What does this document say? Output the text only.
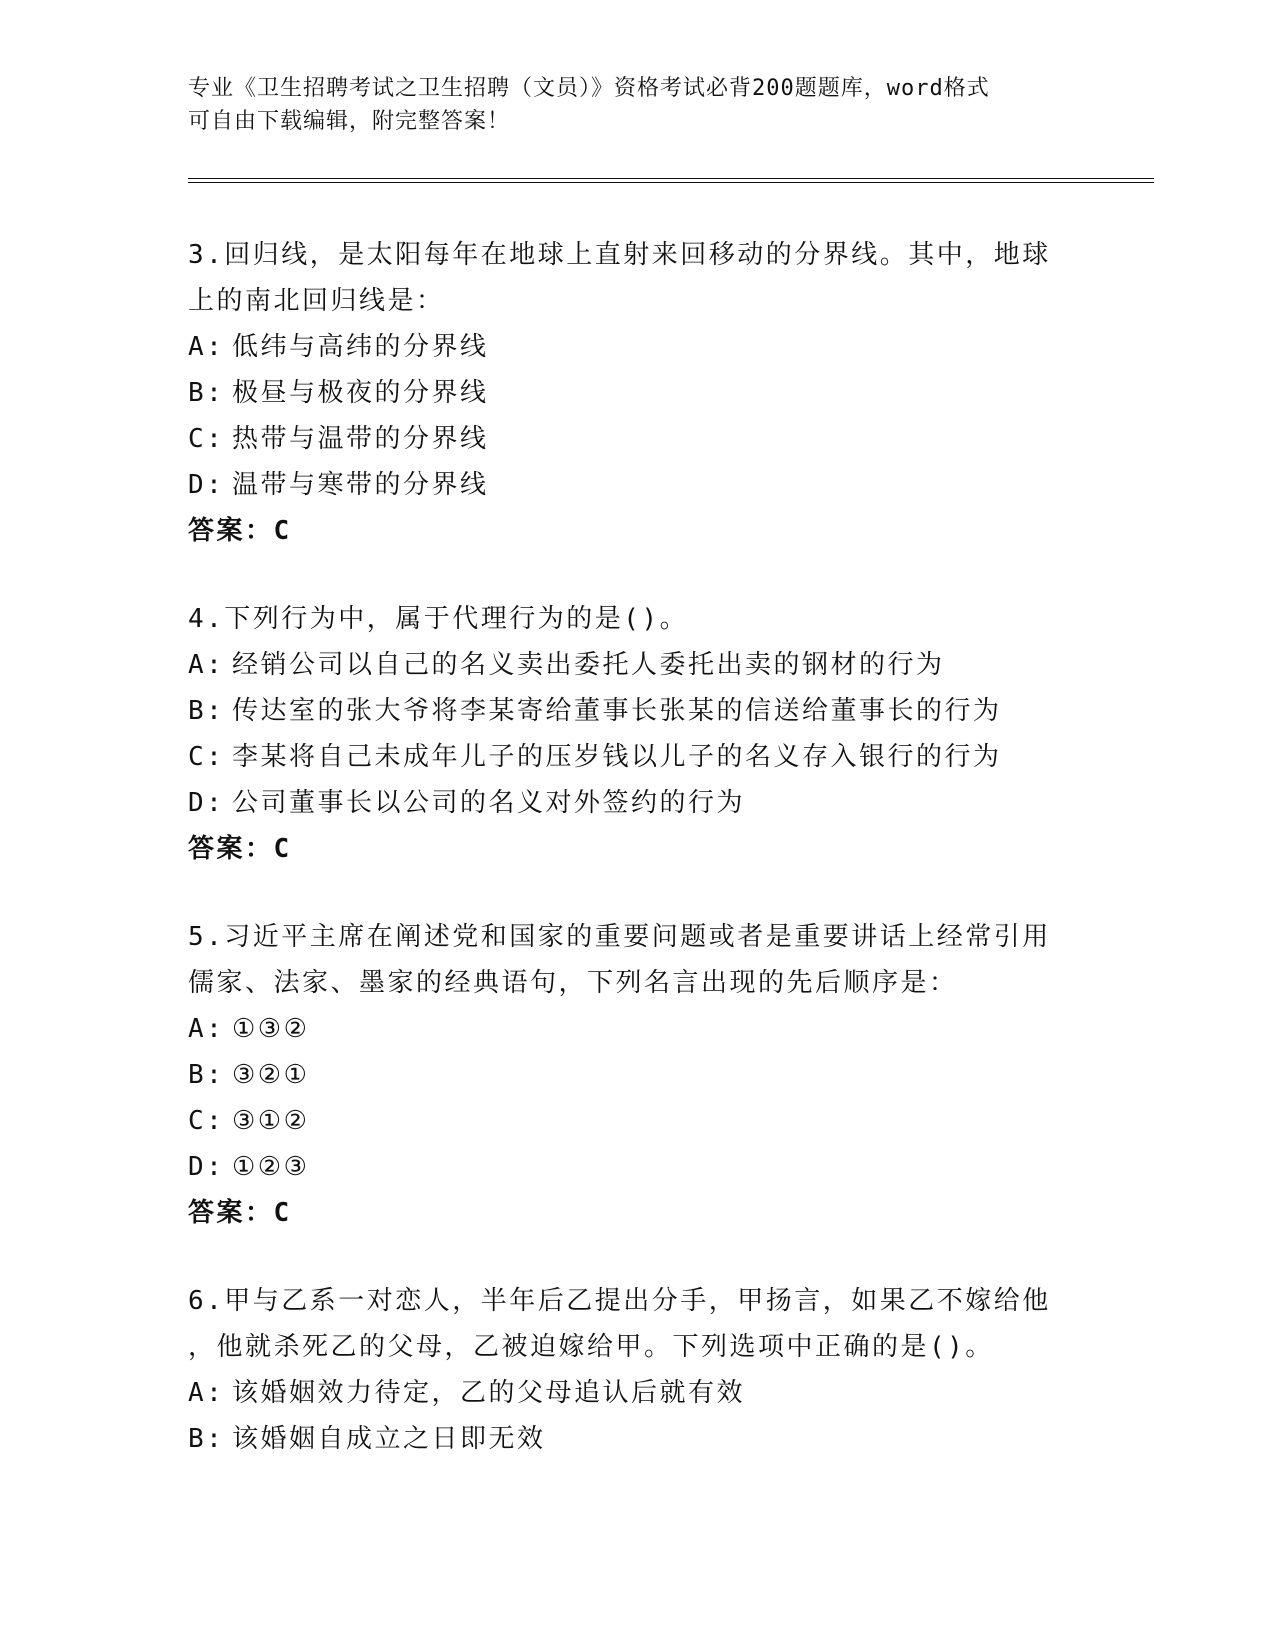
专业《卫生招聘考试之卫生招聘（文员）》资格考试必背200题题库，word格式
可自由下载编辑，附完整答案！
3.回归线，是太阳每年在地球上直射来回移动的分界线。其中，地球
上的南北回归线是：
A: 低纬与高纬的分界线
B: 极昼与极夜的分界线
C: 热带与温带的分界线
D: 温带与寒带的分界线
答案：C
4.下列行为中，属于代理行为的是()。
A: 经销公司以自己的名义卖出委托人委托出卖的钢材的行为
B: 传达室的张大爷将李某寄给董事长张某的信送给董事长的行为
C: 李某将自己未成年儿子的压岁钱以儿子的名义存入银行的行为
D: 公司董事长以公司的名义对外签约的行为
答案：C
5.习近平主席在阐述党和国家的重要问题或者是重要讲话上经常引用
儒家、法家、墨家的经典语句，下列名言出现的先后顺序是：
A: ①③②
B: ③②①
C: ③①②
D: ①②③
答案：C
6.甲与乙系一对恋人，半年后乙提出分手，甲扬言，如果乙不嫁给他
，他就杀死乙的父母，乙被迫嫁给甲。下列选项中正确的是()。
A: 该婚姻效力待定，乙的父母追认后就有效
B: 该婚姻自成立之日即无效
